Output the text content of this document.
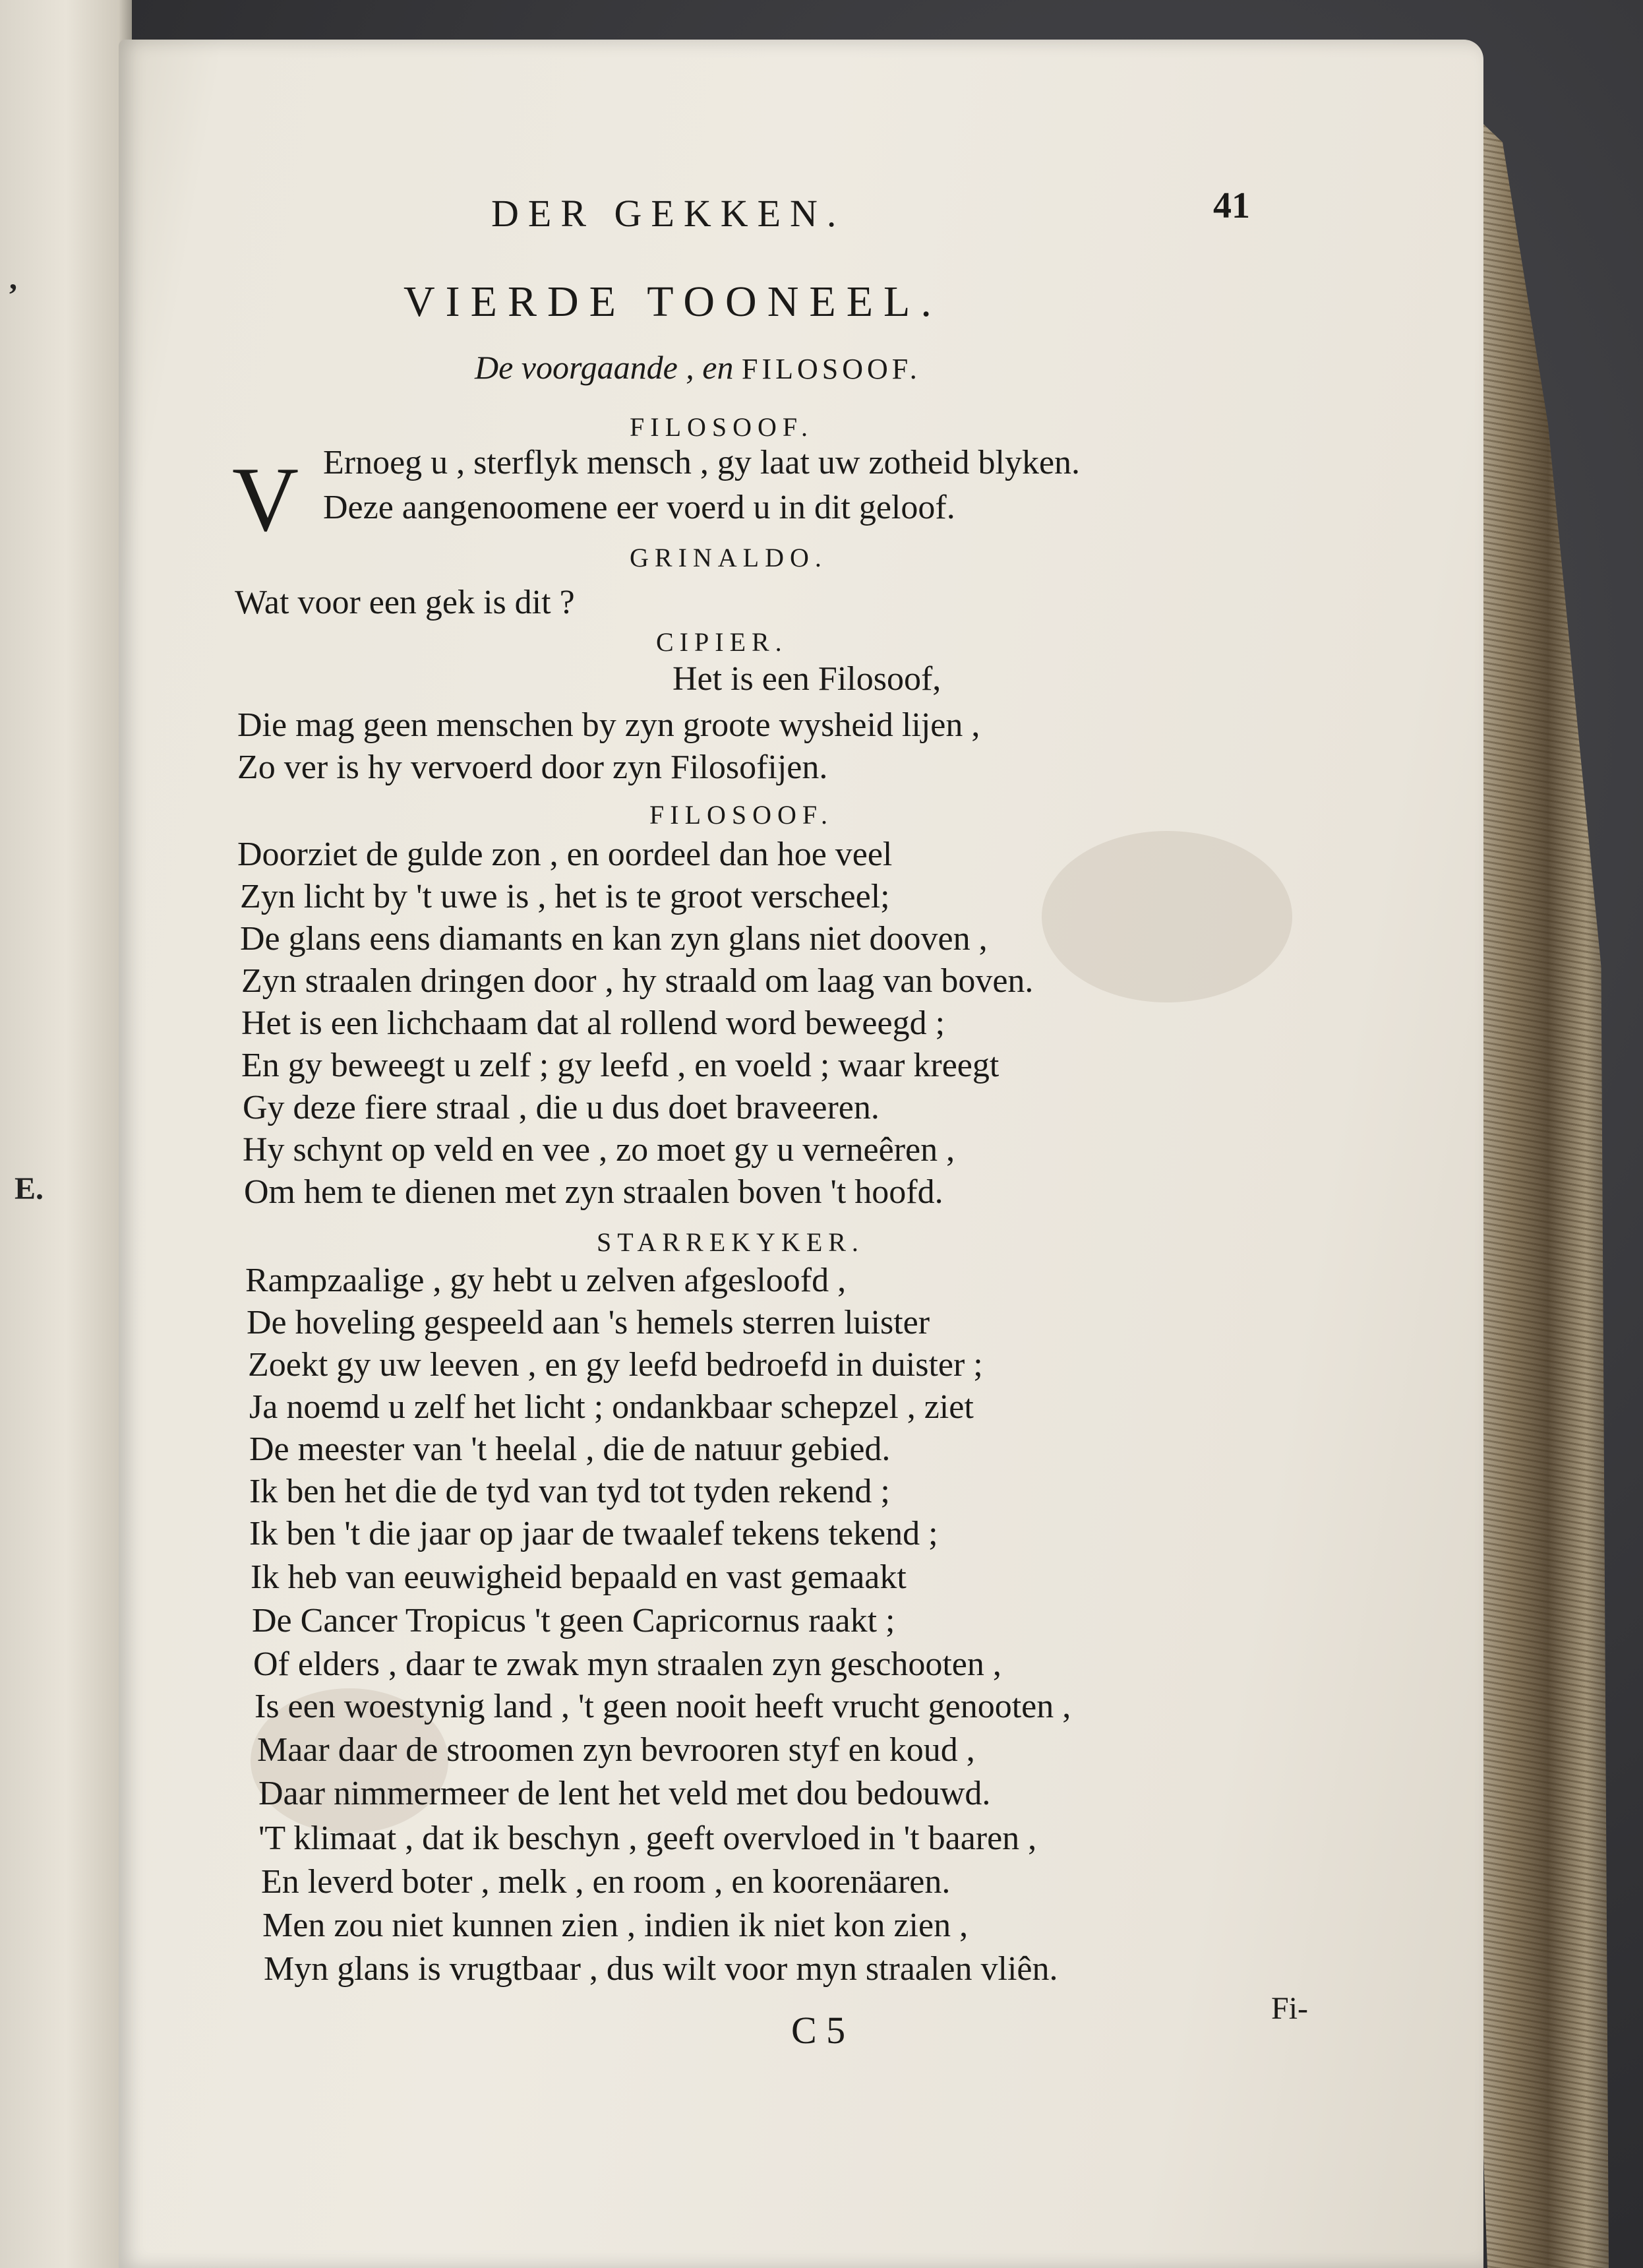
,
E.
DER GEKKEN.	41
VIERDE TOONEEL.
De voorgaande , en FILOSOOF.
FILOSOOF.
V Ernoeg u , sterflyk mensch , gy laat uw zotheid blyken.
Deze aangenoomene eer voerd u in dit geloof.
GRINALDO.
Wat voor een gek is dit ?
CIPIER.
Het is een Filosoof,
Die mag geen menschen by zyn groote wysheid lijen ,
Zo ver is hy vervoerd door zyn Filosofijen.
FILOSOOF.
Doorziet de gulde zon , en oordeel dan hoe veel
Zyn licht by 't uwe is , het is te groot verscheel;
De glans eens diamants en kan zyn glans niet dooven ,
Zyn straalen dringen door , hy straald om laag van boven.
Het is een lichchaam dat al rollend word beweegd ;
En gy beweegt u zelf ; gy leefd , en voeld ; waar kreegt
Gy deze fiere straal , die u dus doet braveeren.
Hy schynt op veld en vee , zo moet gy u verneêren ,
Om hem te dienen met zyn straalen boven 't hoofd.
STARREKYKER.
Rampzaalige , gy hebt u zelven afgesloofd ,
De hoveling gespeeld aan 's hemels sterren luister
Zoekt gy uw leeven , en gy leefd bedroefd in duister ;
Ja noemd u zelf het licht ; ondankbaar schepzel , ziet
De meester van 't heelal , die de natuur gebied.
Ik ben het die de tyd van tyd tot tyden rekend ;
Ik ben 't die jaar op jaar de twaalef tekens tekend ;
Ik heb van eeuwigheid bepaald en vast gemaakt
De Cancer Tropicus 't geen Capricornus raakt ;
Of elders , daar te zwak myn straalen zyn geschooten ,
Is een woestynig land , 't geen nooit heeft vrucht genooten ,
Maar daar de stroomen zyn bevrooren styf en koud ,
Daar nimmermeer de lent het veld met dou bedouwd.
'T klimaat , dat ik beschyn , geeft overvloed in 't baaren ,
En leverd boter , melk , en room , en koorenäaren.
Men zou niet kunnen zien , indien ik niet kon zien ,
Myn glans is vrugtbaar , dus wilt voor myn straalen vliên.
C 5
Fi-
